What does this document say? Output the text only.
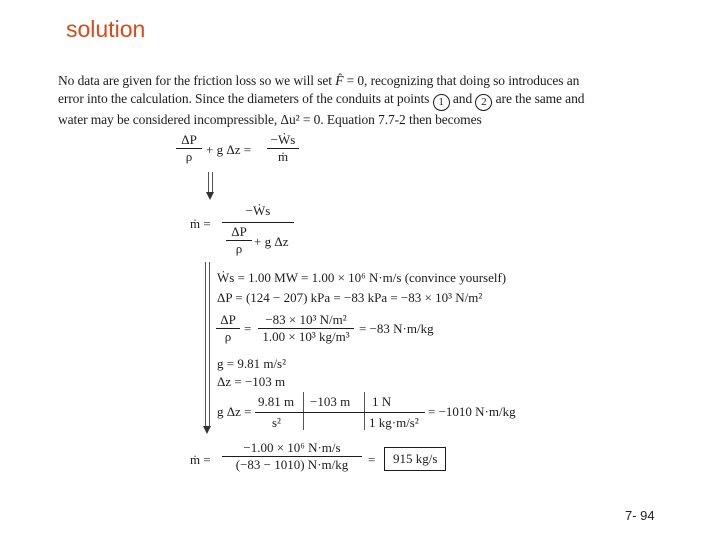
solution
No data are given for the friction loss so we will set F̂ = 0, recognizing that doing so introduces an
error into the calculation. Since the diameters of the conduits at points 1 and 2 are the same and
water may be considered incompressible, Δu² = 0. Equation 7.7-2 then becomes
$\frac{\Delta P}{\rho} + g$ $\Delta z = \frac{\text{−Ẇs}}{\text{ṁ}}$
ṁ =
−Ẇs
$\frac{\Delta P}{\rho} + g$ Δz
Ẇs = 1.00 MW = 1.00 × 10⁶ N·m/s (convince yourself)
ΔP = (124 − 207) kPa = −83 kPa = −83 × 10³ N/m²
$\frac{\Delta P}{\rho} = \frac{\text{−83 × 10³ N/m²}}{\text{1.00 × 10³ kg/m³}} = -83$ N·m/kg
g = 9.81 m/s²
Δz = −103 m
g Δz =
9.81 m
s²
−103 m 1 N
1 kg·m/s²
= −1010 N·m/kg
ṁ = $\frac{\text{−1.00 × 10⁶ N·m/s}}{(-83 - 1010) N\cdot m/kg}$ =	915 kg/s
7- 94
